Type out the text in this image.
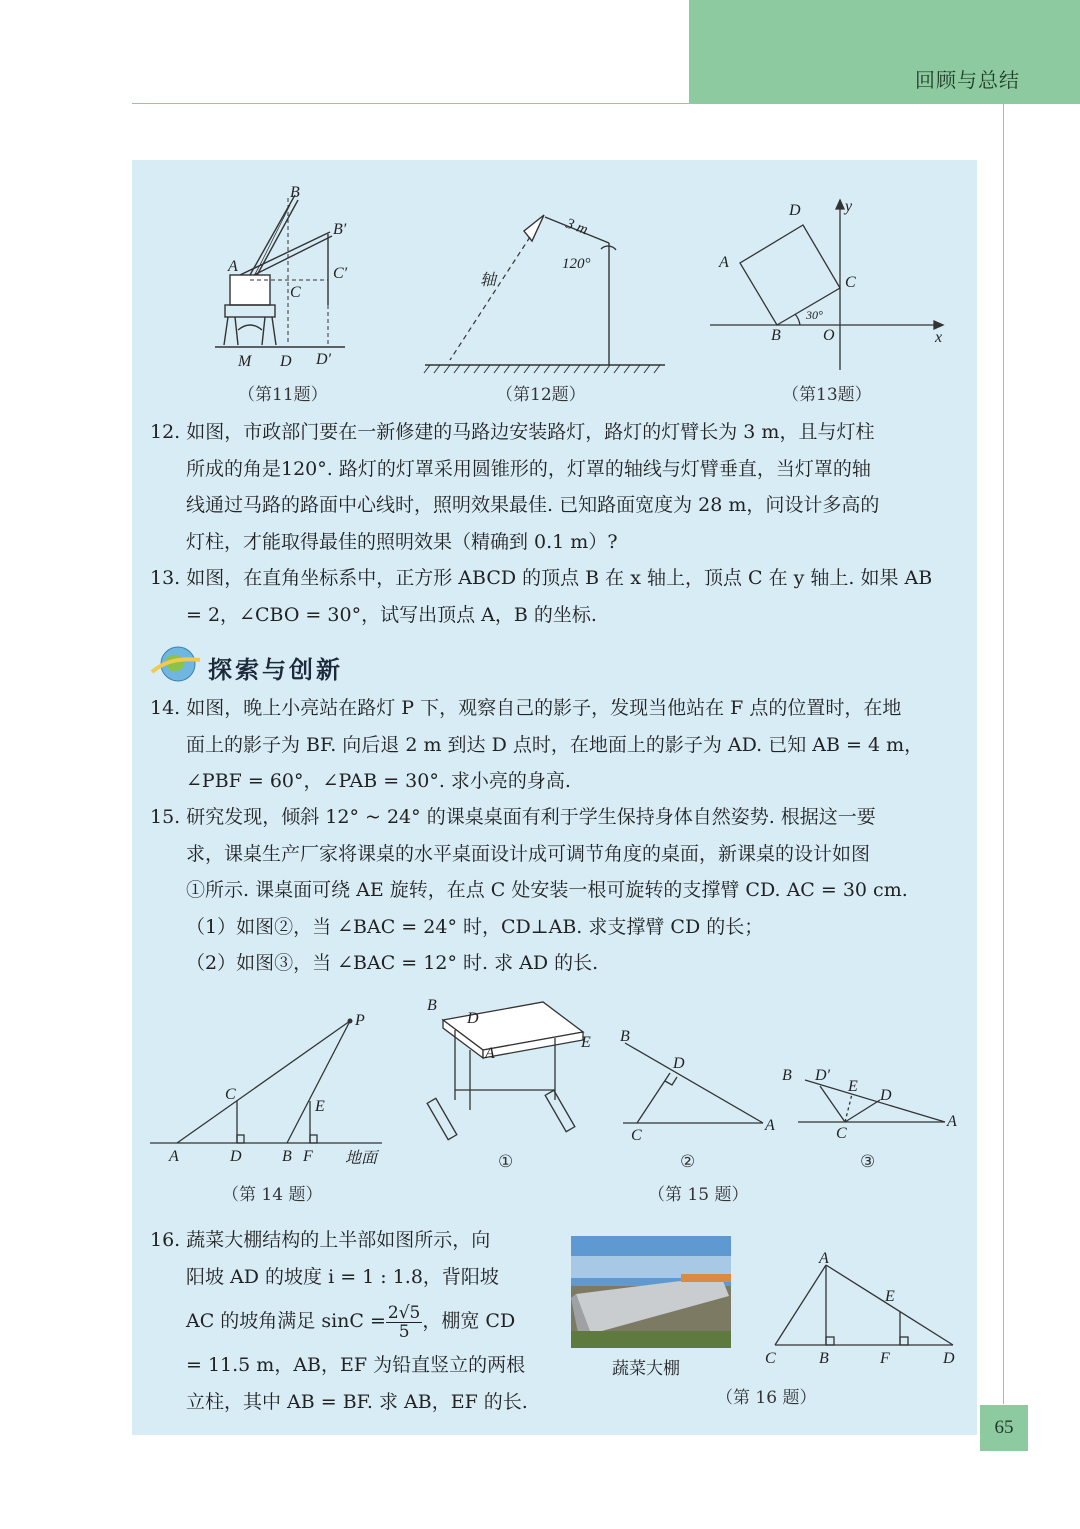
回顾与总结
B
B′
A	C′
C
M D D′
（第11题）
3 m
120°
轴
（第12题）
D	y
A
C
30°
B	O	x
（第13题）

12. 如图，市政部门要在一新修建的马路边安装路灯，路灯的灯臂长为 3 m，且与灯柱

所成的角是120°. 路灯的灯罩采用圆锥形的，灯罩的轴线与灯臂垂直，当灯罩的轴

线通过马路的路面中心线时，照明效果最佳. 已知路面宽度为 28 m，问设计多高的

灯柱，才能取得最佳的照明效果（精确到 0.1 m）?

13. 如图，在直角坐标系中，正方形 ABCD 的顶点 B 在 x 轴上，顶点 C 在 y 轴上. 如果 AB

= 2，∠CBO = 30°，试写出顶点 A，B 的坐标.

探索与创新

14. 如图，晚上小亮站在路灯 P 下，观察自己的影子，发现当他站在 F 点的位置时，在地

面上的影子为 BF. 向后退 2 m 到达 D 点时，在地面上的影子为 AD. 已知 AB = 4 m，

∠PBF = 60°，∠PAB = 30°. 求小亮的身高.

15. 研究发现，倾斜 12° ~ 24° 的课桌桌面有利于学生保持身体自然姿势. 根据这一要

求，课桌生产厂家将课桌的水平桌面设计成可调节角度的桌面，新课桌的设计如图

①所示. 课桌面可绕 AE 旋转，在点 C 处安装一根可旋转的支撑臂 CD. AC = 30 cm.

（1）如图②，当 ∠BAC = 24° 时，CD⊥AB. 求支撑臂 CD 的长；

（2）如图③，当 ∠BAC = 12° 时. 求 AD 的长.

P
C
E
A	D	B F 地面
（第 14 题）
B
D
A
E B
D
C
A
B D′
E
D
C
A
①	②	③
（第 15 题）

16. 蔬菜大棚结构的上半部如图所示，向

阳坡 AD 的坡度 i = 1 : 1.8，背阳坡

AC 的坡角满足 $\sin C = \frac{2√5}{5}$ ，棚宽 CD

= 11.5 m，AB，EF 为铅直竖立的两根

立柱，其中 AB = BF. 求 AB，EF 的长.

蔬菜大棚
A
E
C	B	F	D
（第 16 题）
65
